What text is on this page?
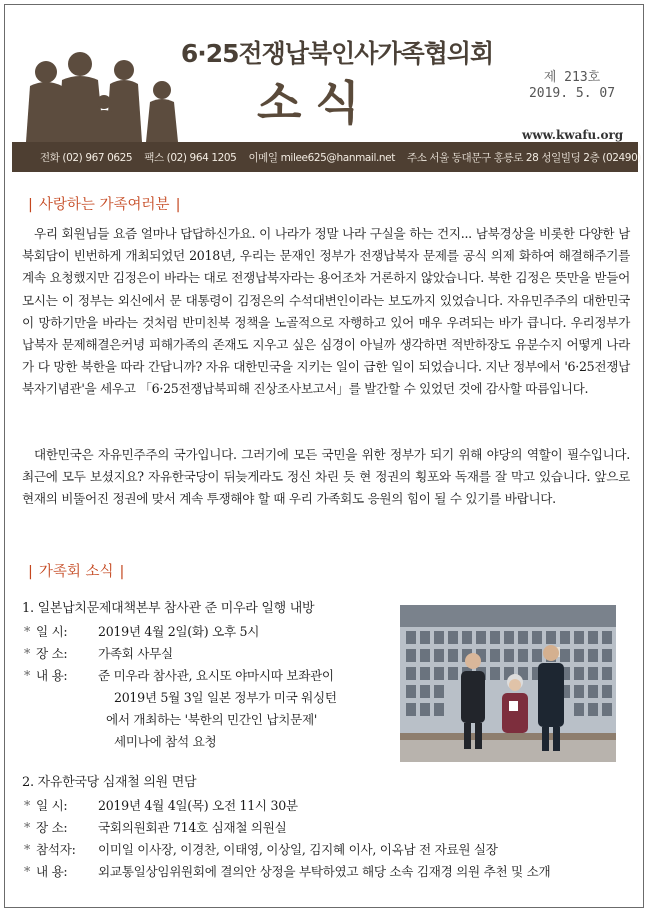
6·25전쟁납북인사가족협의회
소식	제 213호
2019. 5. 07
www.kwafu.org
전화 (02) 967 0625 팩스 (02) 964 1205 이메일 milee625@hanmail.net 주소 서울 동대문구 홍릉로 28 성일빌딩 2층 (02490)
| 사랑하는 가족여러분 |
우리 회원님들 요즘 얼마나 답답하신가요. 이 나라가 정말 나라 구실을 하는 건지... 남북경상을 비롯한 다양한 남북회담이 빈번하게 개최되었던 2018년, 우리는 문재인 정부가 전쟁납북자 문제를 공식 의제 화하여 해결해주기를 계속 요청했지만 김정은이 바라는 대로 전쟁납북자라는 용어조차 거론하지 않았습니다. 북한 김정은 뜻만을 받들어 모시는 이 정부는 외신에서 문 대통령이 김정은의 수석대변인이라는 보도까지 있었습니다. 자유민주주의 대한민국이 망하기만을 바라는 것처럼 반미친북 정책을 노골적으로 자행하고 있어 매우 우려되는 바가 큽니다. 우리정부가 납북자 문제해결은커녕 피해가족의 존재도 지우고 싶은 심경이 아닐까 생각하면 적반하장도 유분수지 어떻게 나라가 다 망한 북한을 따라 간답니까? 자유 대한민국을 지키는 일이 급한 일이 되었습니다. 지난 정부에서 '6·25전쟁납북자기념관'을 세우고 「6·25전쟁납북피해 진상조사보고서」를 발간할 수 있었던 것에 감사할 따름입니다.
대한민국은 자유민주주의 국가입니다. 그러기에 모든 국민을 위한 정부가 되기 위해 야당의 역할이 필수입니다. 최근에 모두 보셨지요? 자유한국당이 뒤늦게라도 정신 차린 듯 현 정권의 횡포와 독재를 잘 막고 있습니다. 앞으로 현재의 비뚤어진 정권에 맞서 계속 투쟁해야 할 때 우리 가족회도 응원의 힘이 될 수 있기를 바랍니다.
| 가족회 소식 |
1. 일본납치문제대책본부 참사관 준 미우라 일행 내방
* 일 시: 2019년 4월 2일(화) 오후 5시
* 장 소: 가족회 사무실
* 내 용: 준 미우라 참사관, 요시또 야마시따 보좌관이
2019년 5월 3일 일본 정부가 미국 워싱턴
에서 개최하는 '북한의 민간인 납치문제'
세미나에 참석 요청
2. 자유한국당 심재철 의원 면담
* 일 시: 2019년 4월 4일(목) 오전 11시 30분
* 장 소: 국회의원회관 714호 심재철 의원실
* 참석자: 이미일 이사장, 이경찬, 이태영, 이상일, 김지혜 이사, 이옥남 전 자료원 실장
* 내 용: 외교통일상임위원회에 결의안 상정을 부탁하였고 해당 소속 김재경 의원 추천 및 소개
